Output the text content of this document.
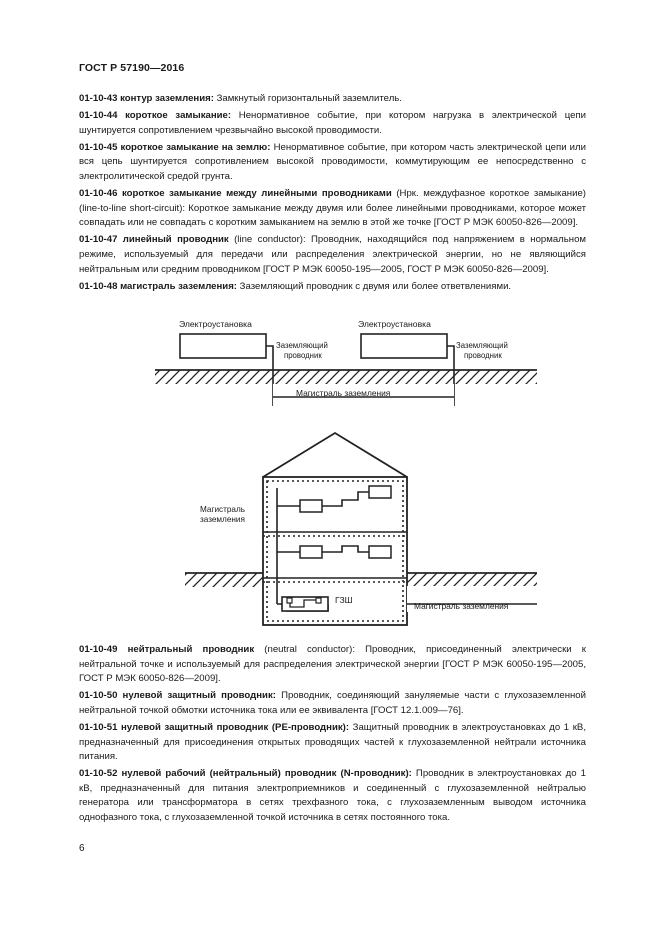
ГОСТ Р 57190—2016

01-10-43 контур заземления: Замкнутый горизонтальный заземлитель.

01-10-44 короткое замыкание: Ненормативное событие, при котором нагрузка в электрической цепи шунтируется сопротивлением чрезвычайно высокой проводимости.

01-10-45 короткое замыкание на землю: Ненормативное событие, при котором часть электрической цепи или вся цепь шунтируется сопротивлением высокой проводимости, коммутирующим ее непосредственно с электролитической средой грунта.

01-10-46 короткое замыкание между линейными проводниками (Нрк. междуфазное короткое замыкание) (line-to-line short-circuit): Короткое замыкание между двумя или более линейными проводниками, которое может совпадать или не совпадать с коротким замыканием на землю в этой же точке [ГОСТ Р МЭК 60050-826—2009].

01-10-47 линейный проводник (line conductor): Проводник, находящийся под напряжением в нормальном режиме, используемый для передачи или распределения электрической энергии, но не являющийся нейтральным или средним проводником [ГОСТ Р МЭК 60050-195—2005, ГОСТ Р МЭК 60050-826—2009].

01-10-48 магистраль заземления: Заземляющий проводник с двумя или более ответвлениями.

Электроустановка	Электроустановка
Заземляющий
проводник
Заземляющий
проводник
Магистраль заземления
Магистраль
заземления
ГЗШ
Магистраль заземления

01-10-49 нейтральный проводник (neutral conductor): Проводник, присоединенный электрически к нейтральной точке и используемый для распределения электрической энергии [ГОСТ Р МЭК 60050-195—2005, ГОСТ Р МЭК 60050-826—2009].

01-10-50 нулевой защитный проводник: Проводник, соединяющий зануляемые части с глухозаземленной нейтральной точкой обмотки источника тока или ее эквивалента [ГОСТ 12.1.009—76].

01-10-51 нулевой защитный проводник (PE-проводник): Защитный проводник в электроустановках до 1 кВ, предназначенный для присоединения открытых проводящих частей к глухозаземленной нейтрали источника питания.

01-10-52 нулевой рабочий (нейтральный) проводник (N-проводник): Проводник в электроустановках до 1 кВ, предназначенный для питания электроприемников и соединенный с глухозаземленной нейтралью генератора или трансформатора в сетях трехфазного тока, с глухозаземленным выводом источника однофазного тока, с глухозаземленной точкой источника в сетях постоянного тока.

6
